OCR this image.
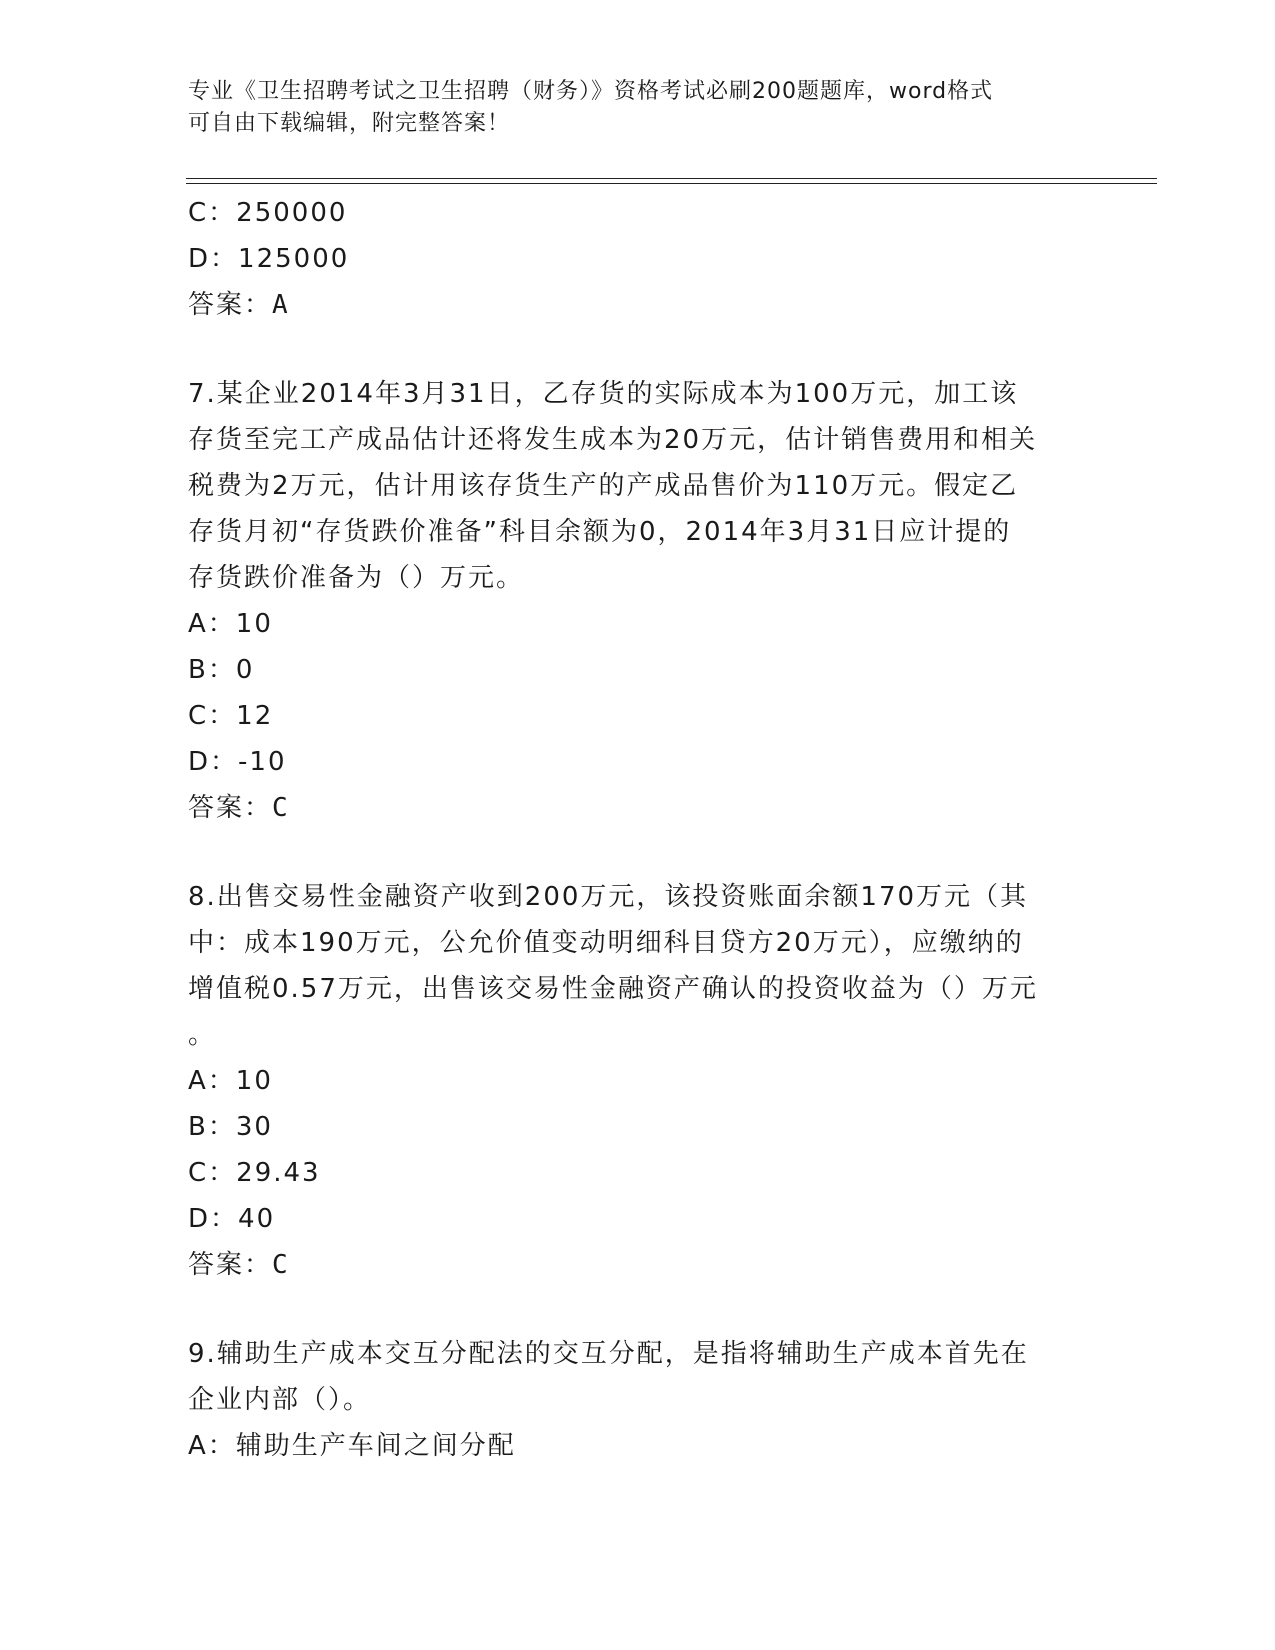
专业《卫生招聘考试之卫生招聘（财务）》资格考试必刷200题题库，word格式
可自由下载编辑，附完整答案！
C：250000
D：125000
答案：A
7.某企业2014年3月31日，乙存货的实际成本为100万元，加工该
存货至完工产成品估计还将发生成本为20万元，估计销售费用和相关
税费为2万元，估计用该存货生产的产成品售价为110万元。假定乙
存货月初“存货跌价准备”科目余额为0，2014年3月31日应计提的
存货跌价准备为（）万元。
A：10
B：0
C：12
D：-10
答案：C
8.出售交易性金融资产收到200万元，该投资账面余额170万元（其
中：成本190万元，公允价值变动明细科目贷方20万元），应缴纳的
增值税0.57万元，出售该交易性金融资产确认的投资收益为（）万元
。
A：10
B：30
C：29.43
D：40
答案：C
9.辅助生产成本交互分配法的交互分配，是指将辅助生产成本首先在
企业内部（）。
A：辅助生产车间之间分配
